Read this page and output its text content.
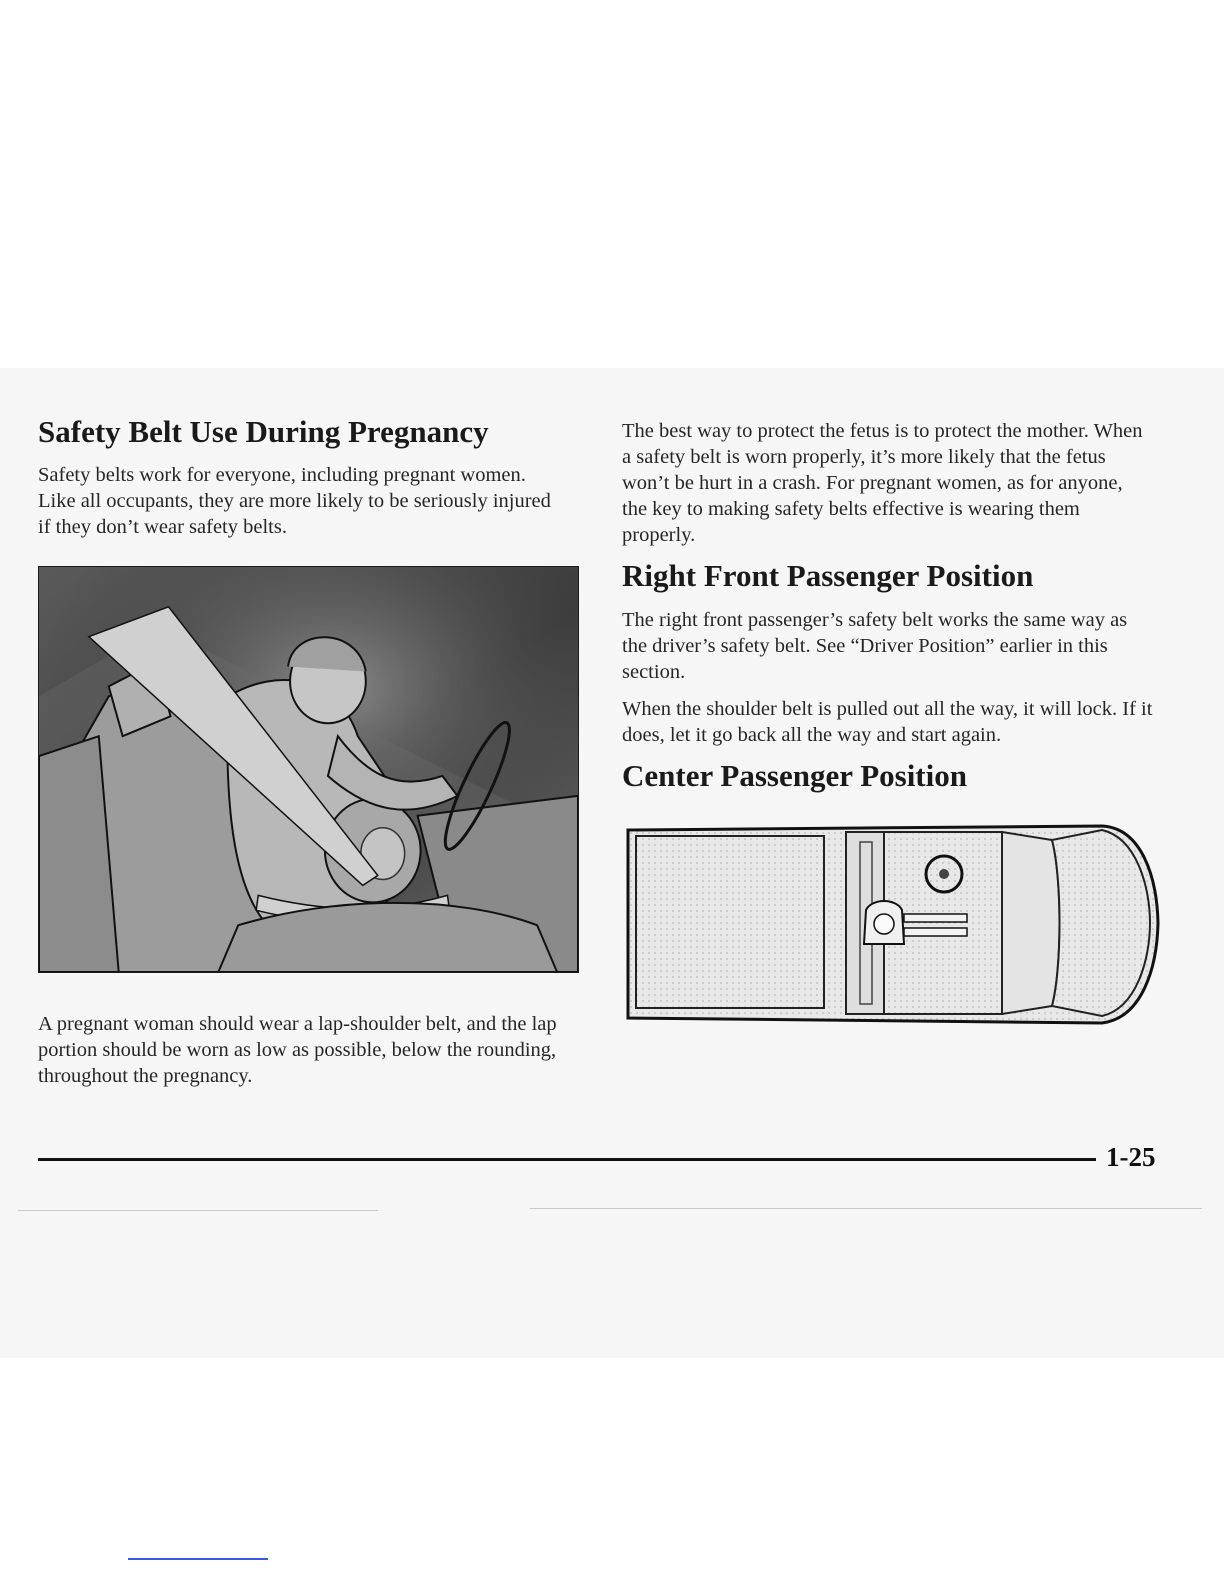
Safety Belt Use During Pregnancy

Safety belts work for everyone, including pregnant women. Like all occupants, they are more likely to be seriously injured if they don’t wear safety belts.

A pregnant woman should wear a lap-shoulder belt, and the lap portion should be worn as low as possible, below the rounding, throughout the pregnancy.

The best way to protect the fetus is to protect the mother. When a safety belt is worn properly, it’s more likely that the fetus won’t be hurt in a crash. For pregnant women, as for anyone, the key to making safety belts effective is wearing them properly.

Right Front Passenger Position

The right front passenger’s safety belt works the same way as the driver’s safety belt. See “Driver Position” earlier in this section.

When the shoulder belt is pulled out all the way, it will lock. If it does, let it go back all the way and start again.

Center Passenger Position
1-25
